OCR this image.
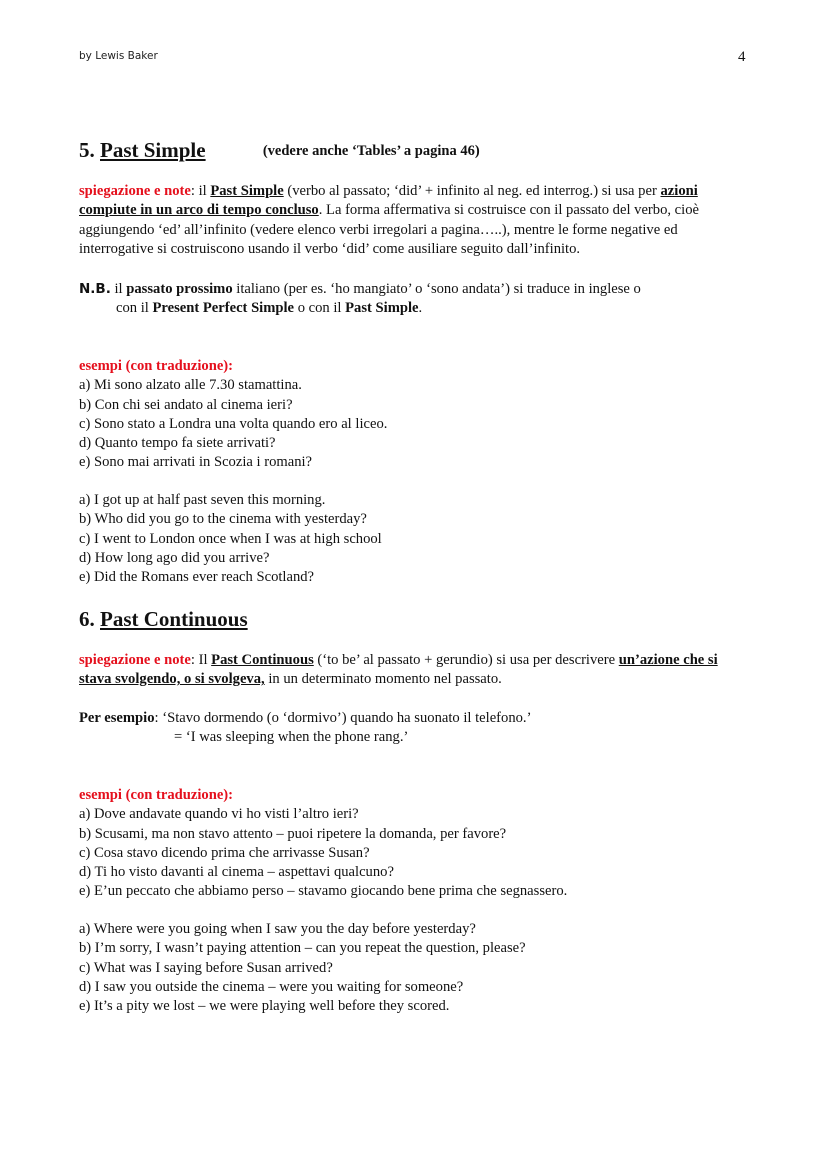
by Lewis Baker	4
5. Past Simple	(vedere anche ‘Tables’ a pagina 46)
spiegazione e note: il Past Simple (verbo al passato; ‘did’ + infinito al neg. ed interrog.) si usa per azioni compiute in un arco di tempo concluso. La forma affermativa si costruisce con il passato del verbo, cioè aggiungendo ‘ed’ all’infinito (vedere elenco verbi irregolari a pagina…..), mentre le forme negative ed interrogative si costruiscono usando il verbo ‘did’ come ausiliare seguito dall’infinito.
N.B. il passato prossimo italiano (per es. ‘ho mangiato’ o ‘sono andata’) si traduce in inglese o
con il Present Perfect Simple o con il Past Simple.
esempi (con traduzione):
a) Mi sono alzato alle 7.30 stamattina.
b) Con chi sei andato al cinema ieri?
c) Sono stato a Londra una volta quando ero al liceo.
d) Quanto tempo fa siete arrivati?
e) Sono mai arrivati in Scozia i romani?
a) I got up at half past seven this morning.
b) Who did you go to the cinema with yesterday?
c) I went to London once when I was at high school
d) How long ago did you arrive?
e) Did the Romans ever reach Scotland?
6. Past Continuous
spiegazione e note: Il Past Continuous (‘to be’ al passato + gerundio) si usa per descrivere un’azione che si stava svolgendo, o si svolgeva, in un determinato momento nel passato.
Per esempio: ‘Stavo dormendo (o ‘dormivo’) quando ha suonato il telefono.’
= ‘I was sleeping when the phone rang.’
esempi (con traduzione):
a) Dove andavate quando vi ho visti l’altro ieri?
b) Scusami, ma non stavo attento – puoi ripetere la domanda, per favore?
c) Cosa stavo dicendo prima che arrivasse Susan?
d) Ti ho visto davanti al cinema – aspettavi qualcuno?
e) E’un peccato che abbiamo perso – stavamo giocando bene prima che segnassero.
a) Where were you going when I saw you the day before yesterday?
b) I’m sorry, I wasn’t paying attention – can you repeat the question, please?
c) What was I saying before Susan arrived?
d) I saw you outside the cinema – were you waiting for someone?
e) It’s a pity we lost – we were playing well before they scored.
